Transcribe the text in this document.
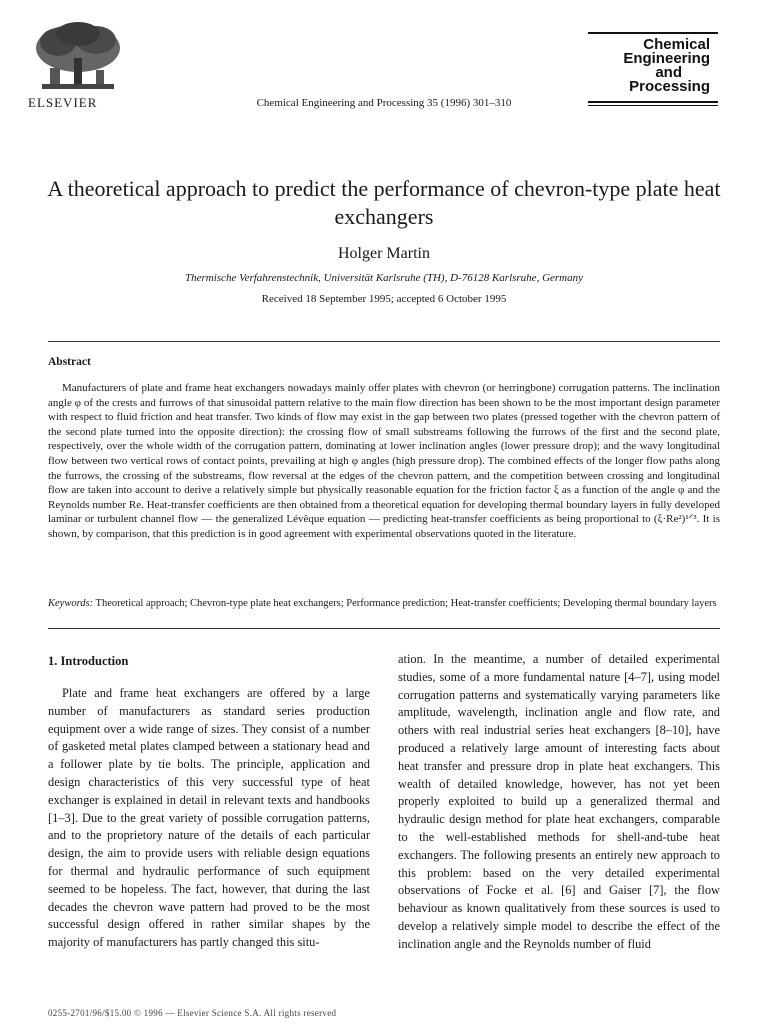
ELSEVIER	Chemical Engineering and Processing 35 (1996) 301–310
Chemical
Engineering
and
Processing
A theoretical approach to predict the performance of chevron-type plate heat exchangers
Holger Martin
Thermische Verfahrenstechnik, Universität Karlsruhe (TH), D-76128 Karlsruhe, Germany
Received 18 September 1995; accepted 6 October 1995
Abstract

Manufacturers of plate and frame heat exchangers nowadays mainly offer plates with chevron (or herringbone) corrugation patterns. The inclination angle φ of the crests and furrows of that sinusoidal pattern relative to the main flow direction has been shown to be the most important design parameter with respect to fluid friction and heat transfer. Two kinds of flow may exist in the gap between two plates (pressed together with the chevron pattern of the second plate turned into the opposite direction): the crossing flow of small substreams following the furrows of the first and the second plate, respectively, over the whole width of the corrugation pattern, dominating at lower inclination angles (lower pressure drop); and the wavy longitudinal flow between two vertical rows of contact points, prevailing at high φ angles (high pressure drop). The combined effects of the longer flow paths along the furrows, the crossing of the substreams, flow reversal at the edges of the chevron pattern, and the competition between crossing and longitudinal flow are taken into account to derive a relatively simple but physically reasonable equation for the friction factor ξ as a function of the angle φ and the Reynolds number Re. Heat-transfer coefficients are then obtained from a theoretical equation for developing thermal boundary layers in fully developed laminar or turbulent channel flow — the generalized Lévêque equation — predicting heat-transfer coefficients as being proportional to (ξ·Re²)¹ᐟ³. It is shown, by comparison, that this prediction is in good agreement with experimental observations quoted in the literature.

Keywords: Theoretical approach; Chevron-type plate heat exchangers; Performance prediction; Heat-transfer coefficients; Developing thermal boundary layers

1. Introduction

Plate and frame heat exchangers are offered by a large number of manufacturers as standard series production equipment over a wide range of sizes. They consist of a number of gasketed metal plates clamped between a stationary head and a follower plate by tie bolts. The principle, application and design characteristics of this very successful type of heat exchanger is explained in detail in relevant texts and handbooks [1–3]. Due to the great variety of possible corrugation patterns, and to the proprietory nature of the details of each particular design, the aim to provide users with reliable design equations for thermal and hydraulic performance of such equipment seemed to be hopeless. The fact, however, that during the last decades the chevron wave pattern had proved to be the most successful design offered in rather similar shapes by the majority of manufacturers has partly changed this situ-

ation. In the meantime, a number of detailed experimental studies, some of a more fundamental nature [4–7], using model corrugation patterns and systematically varying parameters like amplitude, wavelength, inclination angle and flow rate, and others with real industrial series heat exchangers [8–10], have produced a relatively large amount of interesting facts about heat transfer and pressure drop in plate heat exchangers. This wealth of detailed knowledge, however, has not yet been properly exploited to build up a generalized thermal and hydraulic design method for plate heat exchangers, comparable to the well-established methods for shell-and-tube heat exchangers. The following presents an entirely new approach to this problem: based on the very detailed experimental observations of Focke et al. [6] and Gaiser [7], the flow behaviour as known qualitatively from these sources is used to develop a relatively simple model to describe the effect of the inclination angle and the Reynolds number of fluid

0255-2701/96/$15.00 © 1996 — Elsevier Science S.A. All rights reserved
